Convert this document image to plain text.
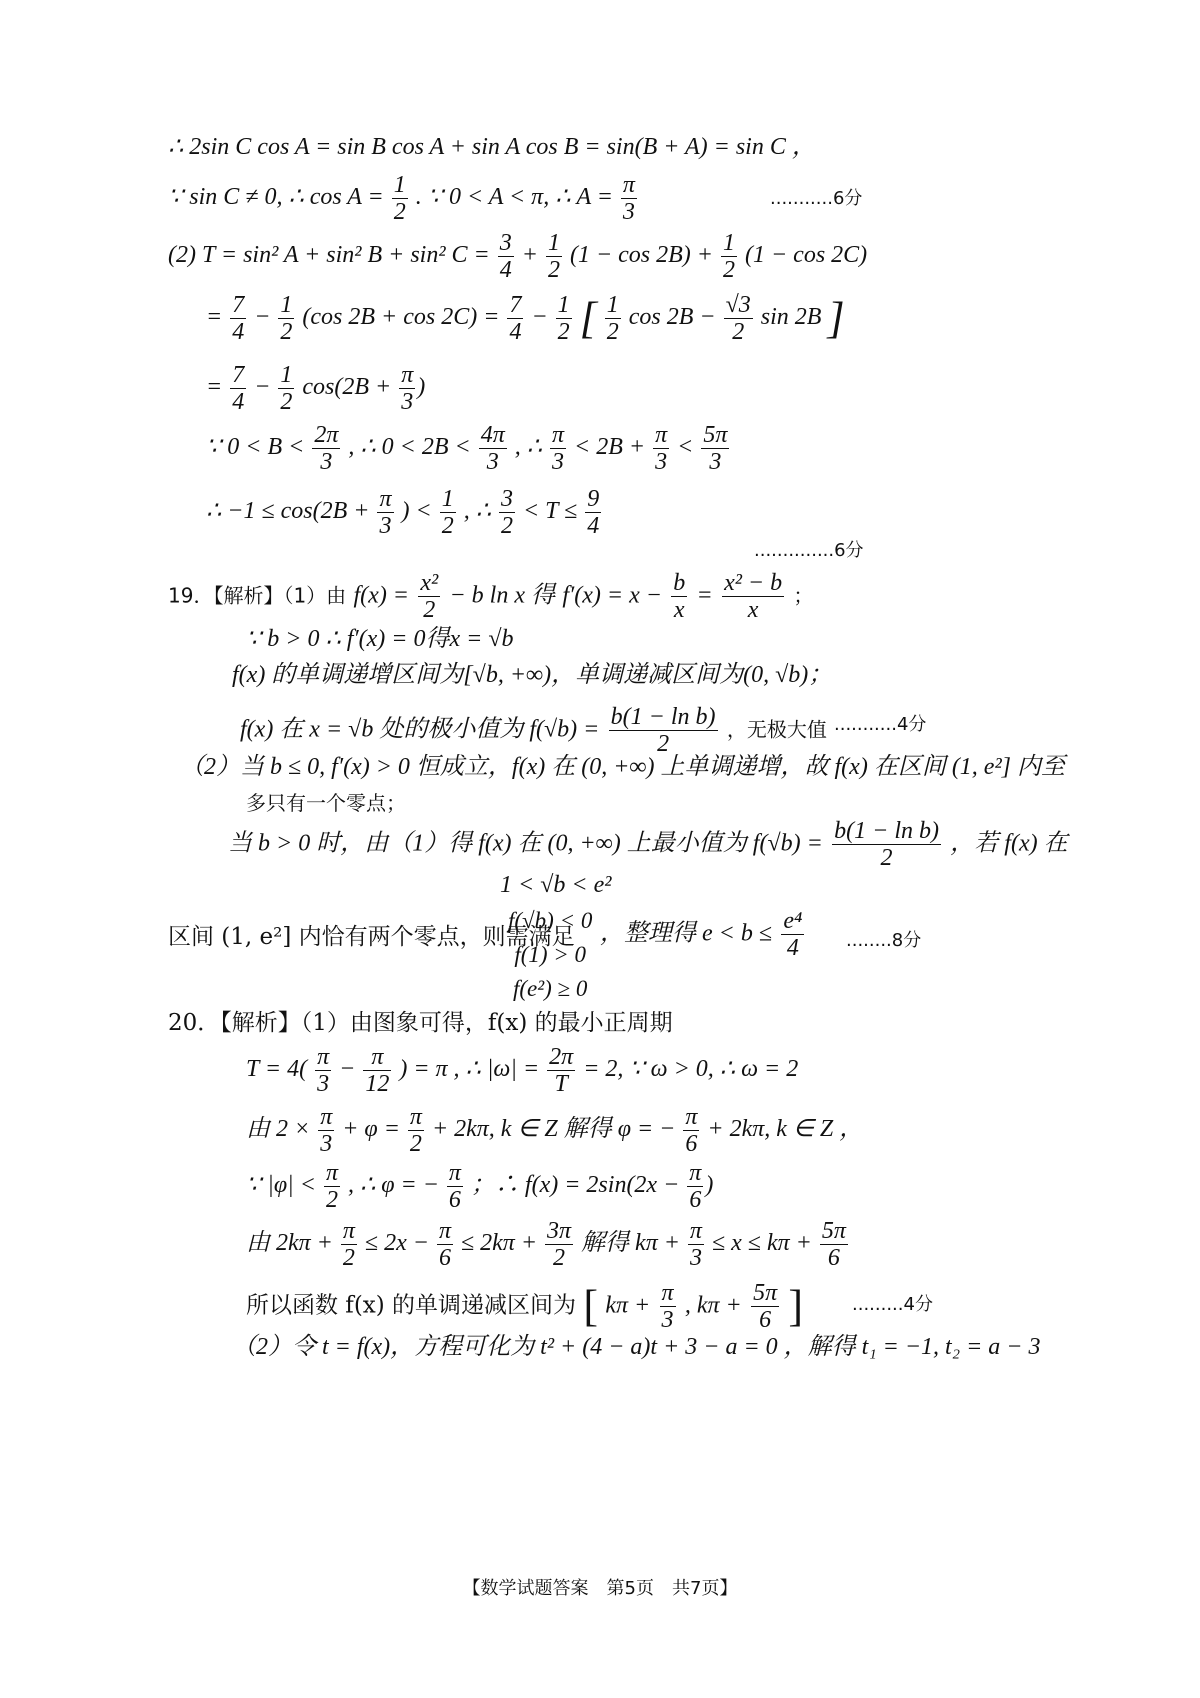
∴ 2sin C cos A = sin B cos A + sin A cos B = sin(B + A) = sin C ，
∵ sin C ≠ 0, ∴ $\cos A = \frac{1}{2}$ . ∵ 0 < A < π, ∴ $A = \frac{\pi}{3}$	...........6分
(2) T = sin² A + sin² B + sin² $C = \frac{3}{4} + \frac{1}{2} (1 - \cos 2B) + \frac{1}{2} (1 - \cos 2C)$
= $\frac{7}{4} - \frac{1}{2} (\cos$ $2B + \cos 2C) = \frac{7}{4} - \frac{1}{2}$ [ $\frac{1}{2}$ $\cos 2B - \frac{√3}{2}$ sin 2B ]
= $\frac{7}{4} - \frac{1}{2} \cos(2B + \frac{\pi}{3}$ )
∵ $0 < B < \frac{2\pi}{3}$ , ∴ $0 < 2B < \frac{4\pi}{3}$ , ∴ $\frac{\pi}{3} < 2B + \frac{\pi}{3} < \frac{5\pi}{3}$
∴ $-1 \le \cos(2B + \frac{\pi}{3}$ ) < $\frac{1}{2}$ , ∴ $\frac{3}{2} < T \le \frac{9}{4}$
..............6分
19．【解析】（1）由 $f(x) = \frac{\text{x²}}{2} - b$ ln x 得 $f'(x) = x - \frac{b}{x} = \frac{\text{x² − b}}{x}$ ；
∵ b > 0 ∴ f′(x) = 0得x = √b
f(x) 的单调递增区间为[√b, +∞)，单调递减区间为(0, √b)；
f(x) 在 x = √b 处的极小值为 $f(√b) = \frac{\text{b(1 − ln b)}}{2}$ ，无极大值 ...........4分
（2）当 b ≤ 0, f′(x) > 0 恒成立，f(x) 在 (0, +∞) 上单调递增，故 f(x) 在区间 (1, e²] 内至
多只有一个零点；
当 b > 0 时，由（1）得 f(x) 在 (0, +∞) 上最小值为 $f(√b) = \frac{\text{b(1 − ln b)}}{2}$ ，若 f(x) 在
1 < √b < e²
区间 (1, e²] 内恰有两个零点，则需满足
f(√b) < 0
f(1) > 0
f(e²) ≥ 0
，整理得 $e < b \le \frac{\text{e⁴}}{4} ........8$分
20．【解析】（1）由图象可得，f(x) 的最小正周期
$T = 4( \frac{\pi}{3} - \frac{\pi}{12}$ ) = π , ∴ $|\omega| = \frac{2\pi}{T} = 2$, ∵ ω > 0, ∴ ω = 2
由 $2 \times \frac{\pi}{3} + \varphi = \frac{\pi}{2} + 2k\pi$, k ∈ Z 解得 φ = − $\frac{\pi}{6} + 2k\pi$, k ∈ Z ，
∵ $|\varphi| < \frac{\pi}{2}$ , ∴ φ = − $\frac{\pi}{6}$ ；∴ $f(x) = 2\sin(2x - \frac{\pi}{6}$ )
由 $2k\pi + \frac{\pi}{2} \le 2x - \frac{\pi}{6} \le 2k\pi + \frac{3\pi}{2}$ 解得 $k\pi + \frac{\pi}{3} \le x \le k\pi + \frac{5\pi}{6}$
所以函数 f(x) 的单调递减区间为 [ $k\pi + \frac{\pi}{3}$ , $k\pi + \frac{5\pi}{6}$ ]	.........4分
（2）令 t = f(x)，方程可化为 t² + (4 − a)t + 3 − a = 0 ，解得 t₁ = −1, t₂ = a − 3
【数学试题答案　第5页　共7页】
